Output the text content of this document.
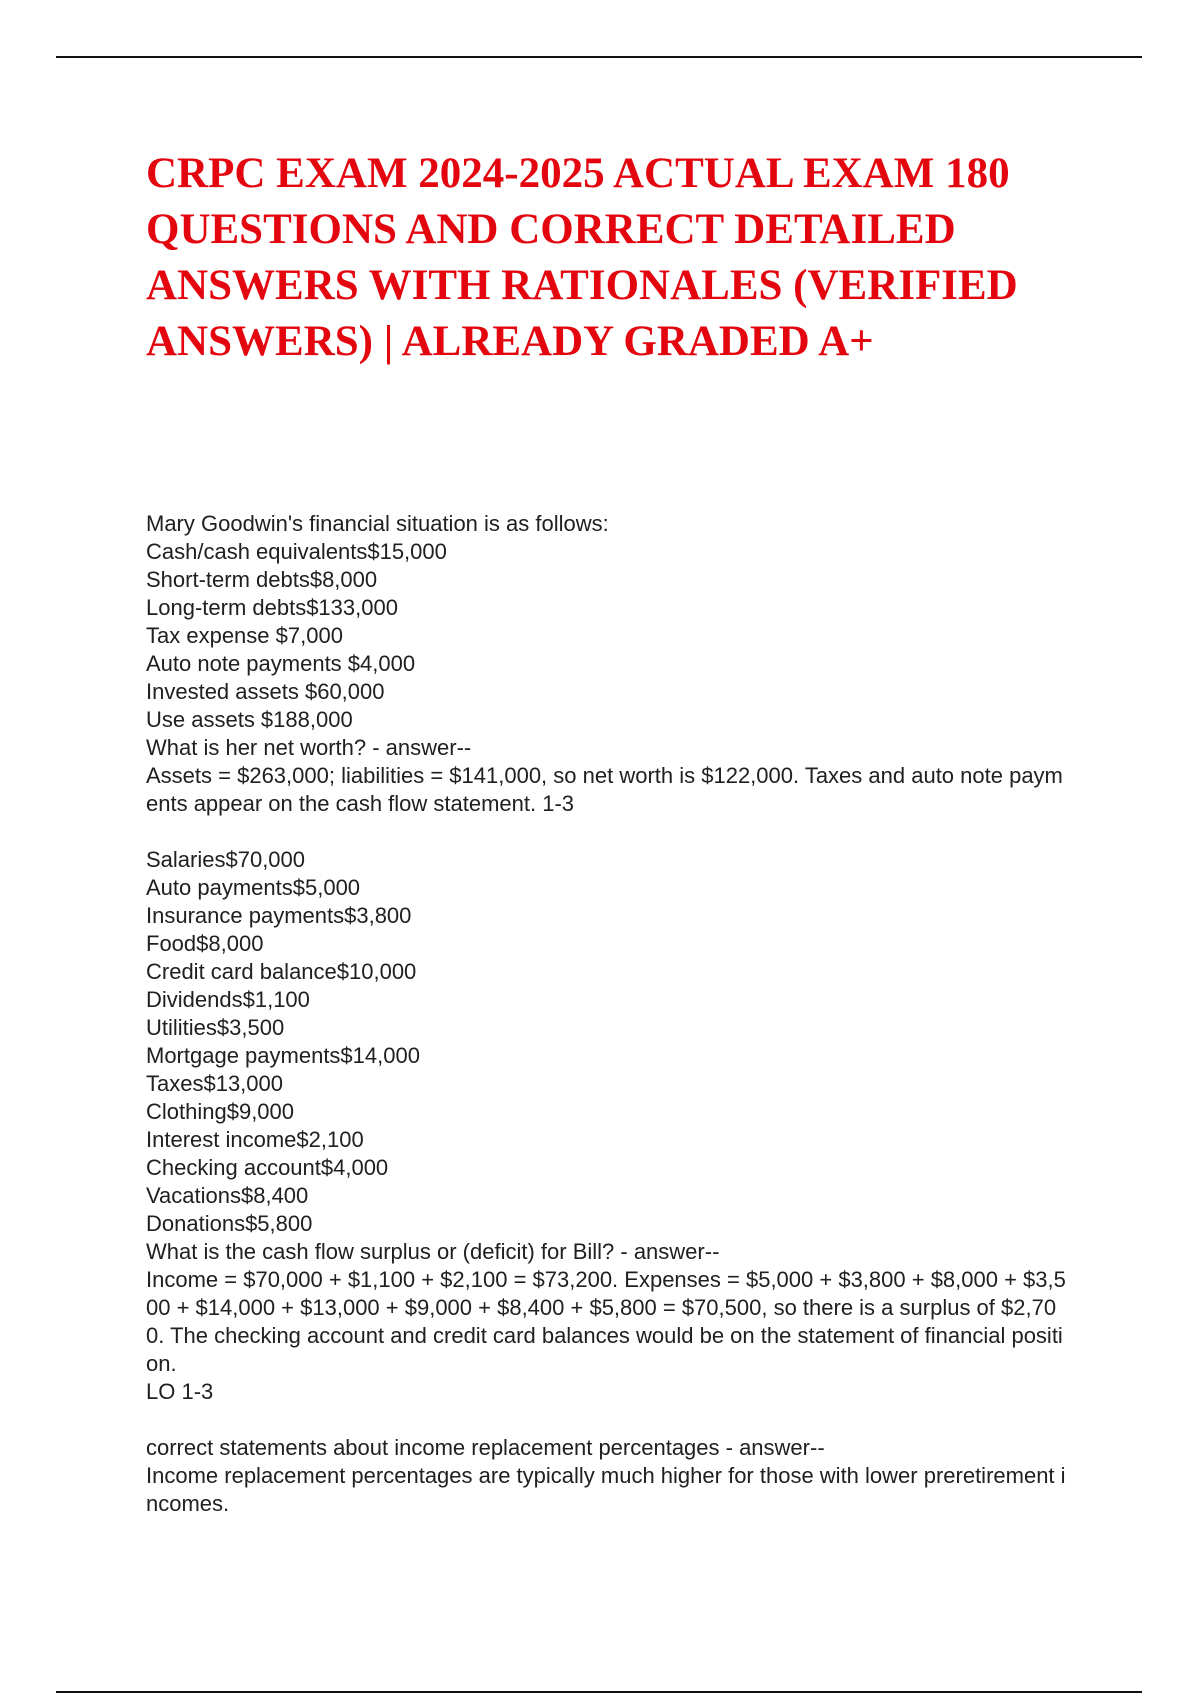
CRPC EXAM 2024-2025 ACTUAL EXAM 180 QUESTIONS AND CORRECT DETAILED ANSWERS WITH RATIONALES (VERIFIED ANSWERS) | ALREADY GRADED A+
Mary Goodwin's financial situation is as follows:
Cash/cash equivalents$15,000
Short-term debts$8,000
Long-term debts$133,000
Tax expense $7,000
Auto note payments $4,000
Invested assets $60,000
Use assets $188,000
What is her net worth? - answer--
Assets = $263,000; liabilities = $141,000, so net worth is $122,000. Taxes and auto note payments appear on the cash flow statement. 1-3
Salaries$70,000
Auto payments$5,000
Insurance payments$3,800
Food$8,000
Credit card balance$10,000
Dividends$1,100
Utilities$3,500
Mortgage payments$14,000
Taxes$13,000
Clothing$9,000
Interest income$2,100
Checking account$4,000
Vacations$8,400
Donations$5,800
What is the cash flow surplus or (deficit) for Bill? - answer--
Income = $70,000 + $1,100 + $2,100 = $73,200. Expenses = $5,000 + $3,800 + $8,000 + $3,500 + $14,000 + $13,000 + $9,000 + $8,400 + $5,800 = $70,500, so there is a surplus of $2,700. The checking account and credit card balances would be on the statement of financial position.
LO 1-3
correct statements about income replacement percentages - answer--
Income replacement percentages are typically much higher for those with lower preretirement incomes.
